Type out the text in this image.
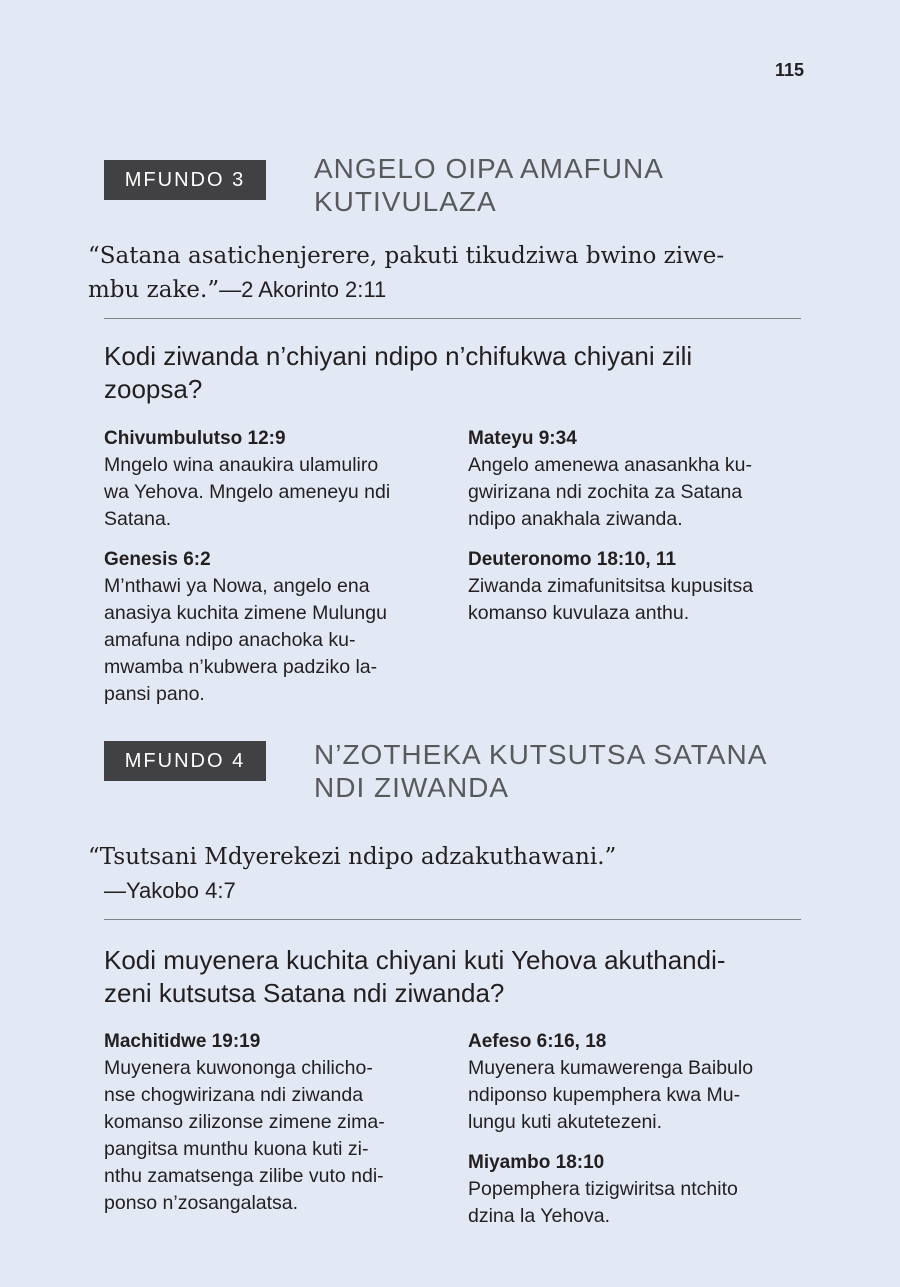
115
MFUNDO 3	ANGELO OIPA AMAFUNA
KUTIVULAZA
“Satana asatichenjerere, pakuti tikudziwa bwino ziwe-
mbu zake.”—2 Akorinto 2:11
Kodi ziwanda n’chiyani ndipo n’chifukwa chiyani zili
zoopsa?
Chivumbulutso 12:9
Mngelo wina anaukira ulamuliro
wa Yehova. Mngelo ameneyu ndi
Satana.
Genesis 6:2
M’nthawi ya Nowa, angelo ena
anasiya kuchita zimene Mulungu
amafuna ndipo anachoka ku-
mwamba n’kubwera padziko la-
pansi pano.
Mateyu 9:34
Angelo amenewa anasankha ku-
gwirizana ndi zochita za Satana
ndipo anakhala ziwanda.
Deuteronomo 18:10, 11
Ziwanda zimafunitsitsa kupusitsa
komanso kuvulaza anthu.
MFUNDO 4	N’ZOTHEKA KUTSUTSA SATANA
NDI ZIWANDA
“Tsutsani Mdyerekezi ndipo adzakuthawani.”
—Yakobo 4:7
Kodi muyenera kuchita chiyani kuti Yehova akuthandi-
zeni kutsutsa Satana ndi ziwanda?
Machitidwe 19:19
Muyenera kuwononga chilicho-
nse chogwirizana ndi ziwanda
komanso zilizonse zimene zima-
pangitsa munthu kuona kuti zi-
nthu zamatsenga zilibe vuto ndi-
ponso n’zosangalatsa.
Aefeso 6:16, 18
Muyenera kumawerenga Baibulo
ndiponso kupemphera kwa Mu-
lungu kuti akutetezeni.
Miyambo 18:10
Popemphera tizigwiritsa ntchito
dzina la Yehova.
